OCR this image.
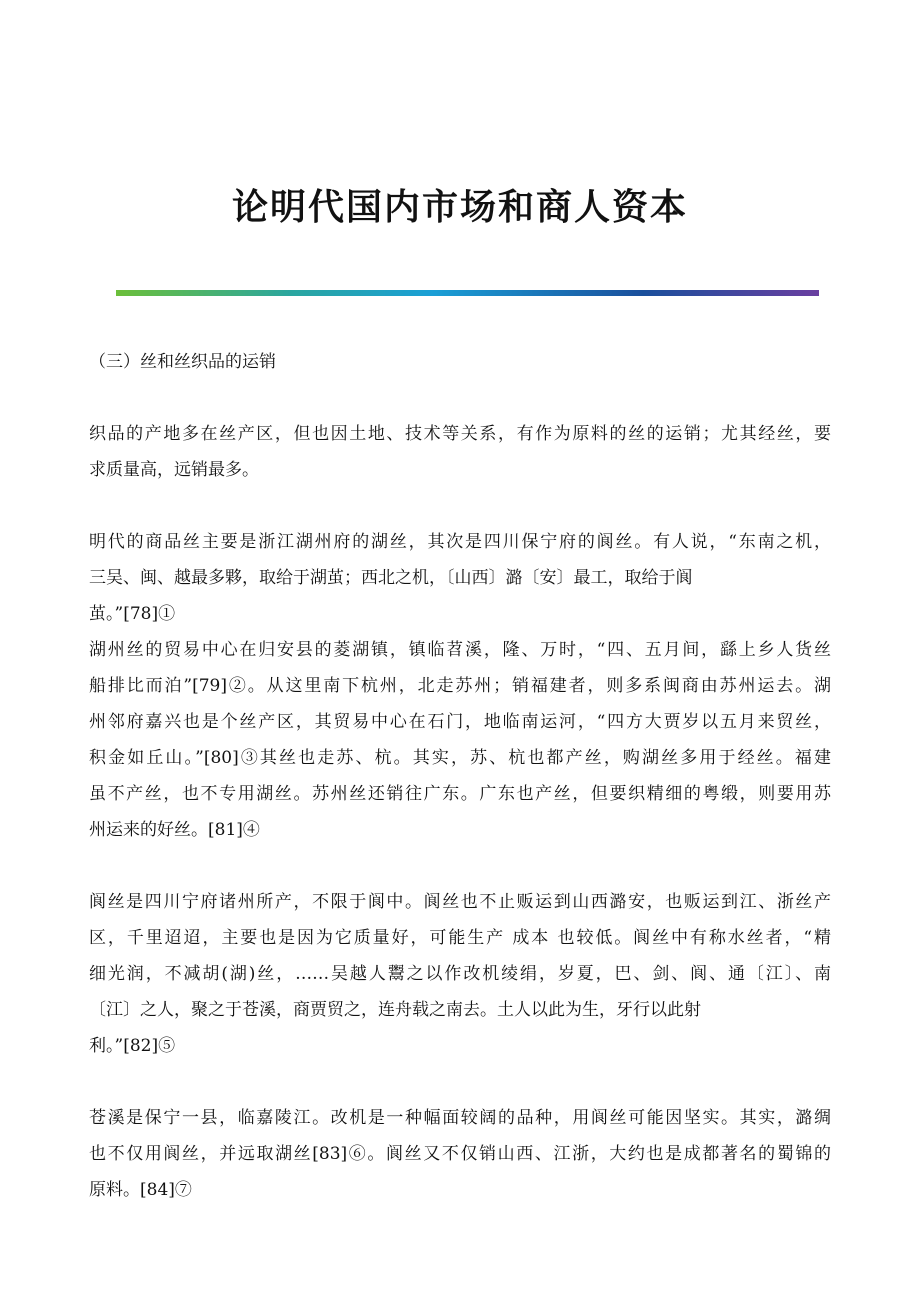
论明代国内市场和商人资本

（三）丝和丝织品的运销

织品的产地多在丝产区，但也因土地、技术等关系，有作为原料的丝的运销；尤其经丝，要

求质量高，远销最多。

明代的商品丝主要是浙江湖州府的湖丝，其次是四川保宁府的阆丝。有人说，“东南之机，

三吴、闽、越最多夥，取给于湖茧；西北之机，〔山西〕潞〔安〕最工，取给于阆

茧。”[78]①

湖州丝的贸易中心在归安县的菱湖镇，镇临苕溪，隆、万时，“四、五月间，繇上乡人货丝

船排比而泊”[79]②。从这里南下杭州，北走苏州；销福建者，则多系闽商由苏州运去。湖

州邻府嘉兴也是个丝产区，其贸易中心在石门，地临南运河，“四方大贾岁以五月来贸丝，

积金如丘山。”[80]③其丝也走苏、杭。其实，苏、杭也都产丝，购湖丝多用于经丝。福建

虽不产丝，也不专用湖丝。苏州丝还销往广东。广东也产丝，但要织精细的粤缎，则要用苏

州运来的好丝。[81]④

阆丝是四川宁府诸州所产，不限于阆中。阆丝也不止贩运到山西潞安，也贩运到江、浙丝产

区，千里迢迢，主要也是因为它质量好，可能生产 成本 也较低。阆丝中有称水丝者，“精

细光润，不减胡(湖)丝，……吴越人鬻之以作改机绫绢，岁夏，巴、剑、阆、通〔江〕、南

〔江〕之人，聚之于苍溪，商贾贸之，连舟载之南去。土人以此为生，牙行以此射

利。”[82]⑤

苍溪是保宁一县，临嘉陵江。改机是一种幅面较阔的品种，用阆丝可能因坚实。其实，潞绸

也不仅用阆丝，并远取湖丝[83]⑥。阆丝又不仅销山西、江浙，大约也是成都著名的蜀锦的

原料。[84]⑦
